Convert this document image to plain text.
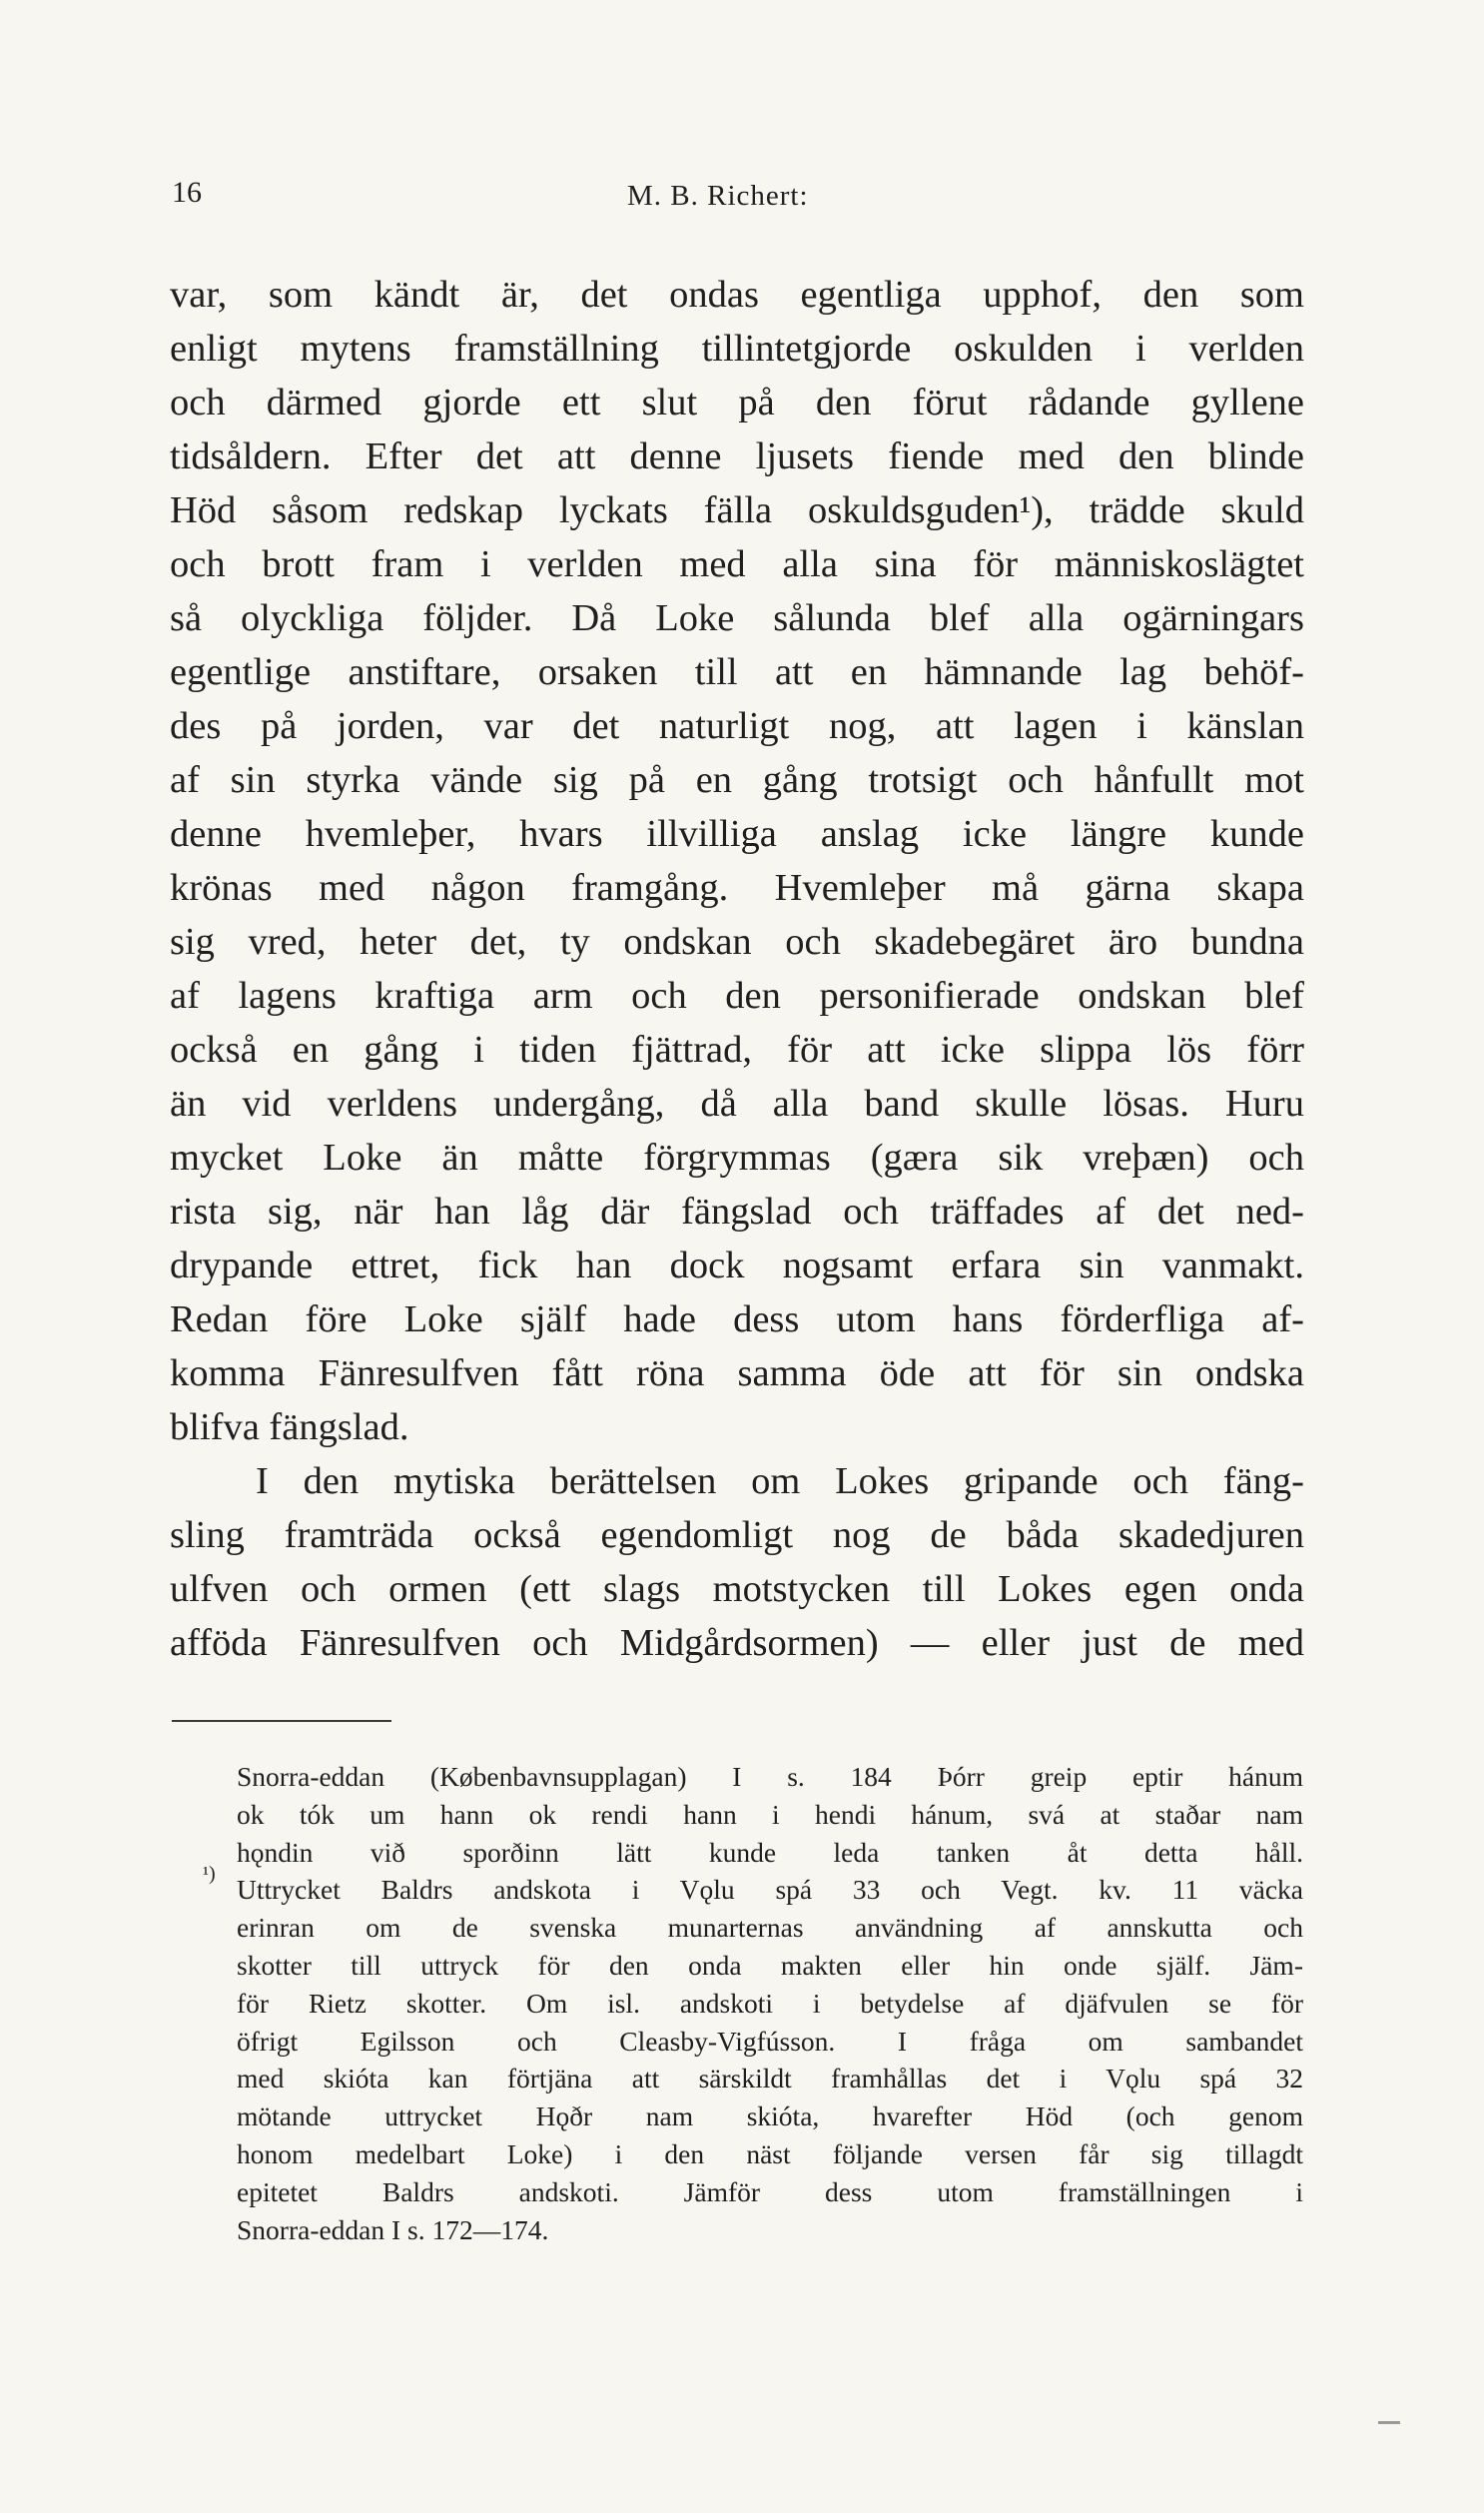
16	M. B. Richert:
var, som kändt är, det ondas egentliga upphof, den som
enligt mytens framställning tillintetgjorde oskulden i verlden
och därmed gjorde ett slut på den förut rådande gyllene
tidsåldern. Efter det att denne ljusets fiende med den blinde
Höd såsom redskap lyckats fälla oskuldsguden¹), trädde skuld
och brott fram i verlden med alla sina för människoslägtet
så olyckliga följder. Då Loke sålunda blef alla ogärningars
egentlige anstiftare, orsaken till att en hämnande lag behöf-
des på jorden, var det naturligt nog, att lagen i känslan
af sin styrka vände sig på en gång trotsigt och hånfullt mot
denne hvemleþer, hvars illvilliga anslag icke längre kunde
krönas med någon framgång. Hvemleþer må gärna skapa
sig vred, heter det, ty ondskan och skadebegäret äro bundna
af lagens kraftiga arm och den personifierade ondskan blef
också en gång i tiden fjättrad, för att icke slippa lös förr
än vid verldens undergång, då alla band skulle lösas. Huru
mycket Loke än måtte förgrymmas (gæra sik vreþæn) och
rista sig, när han låg där fängslad och träffades af det ned-
drypande ettret, fick han dock nogsamt erfara sin vanmakt.
Redan före Loke själf hade dess utom hans förderfliga af-
komma Fänresulfven fått röna samma öde att för sin ondska
blifva fängslad.
I den mytiska berättelsen om Lokes gripande och fäng-
sling framträda också egendomligt nog de båda skadedjuren
ulfven och ormen (ett slags motstycken till Lokes egen onda
afföda Fänresulfven och Midgårdsormen) — eller just de med
Snorra-eddan (Købenbavnsupplagan) I s. 184 Þórr greip eptir hánum
ok tók um hann ok rendi hann i hendi hánum, svá at staðar nam
hǫndin við sporðinn lätt kunde leda tanken åt detta håll.
¹) Uttrycket Baldrs andskota i Vǫlu spá 33 och Vegt. kv. 11 väcka
erinran om de svenska munarternas användning af annskutta och
skotter till uttryck för den onda makten eller hin onde själf. Jäm-
för Rietz skotter. Om isl. andskoti i betydelse af djäfvulen se för
öfrigt Egilsson och Cleasby-Vigfússon. I fråga om sambandet
med skióta kan förtjäna att särskildt framhållas det i Vǫlu spá 32
mötande uttrycket Hǫðr nam skióta, hvarefter Höd (och genom
honom medelbart Loke) i den näst följande versen får sig tillagdt
epitetet Baldrs andskoti. Jämför dess utom framställningen i
Snorra-eddan I s. 172—174.
